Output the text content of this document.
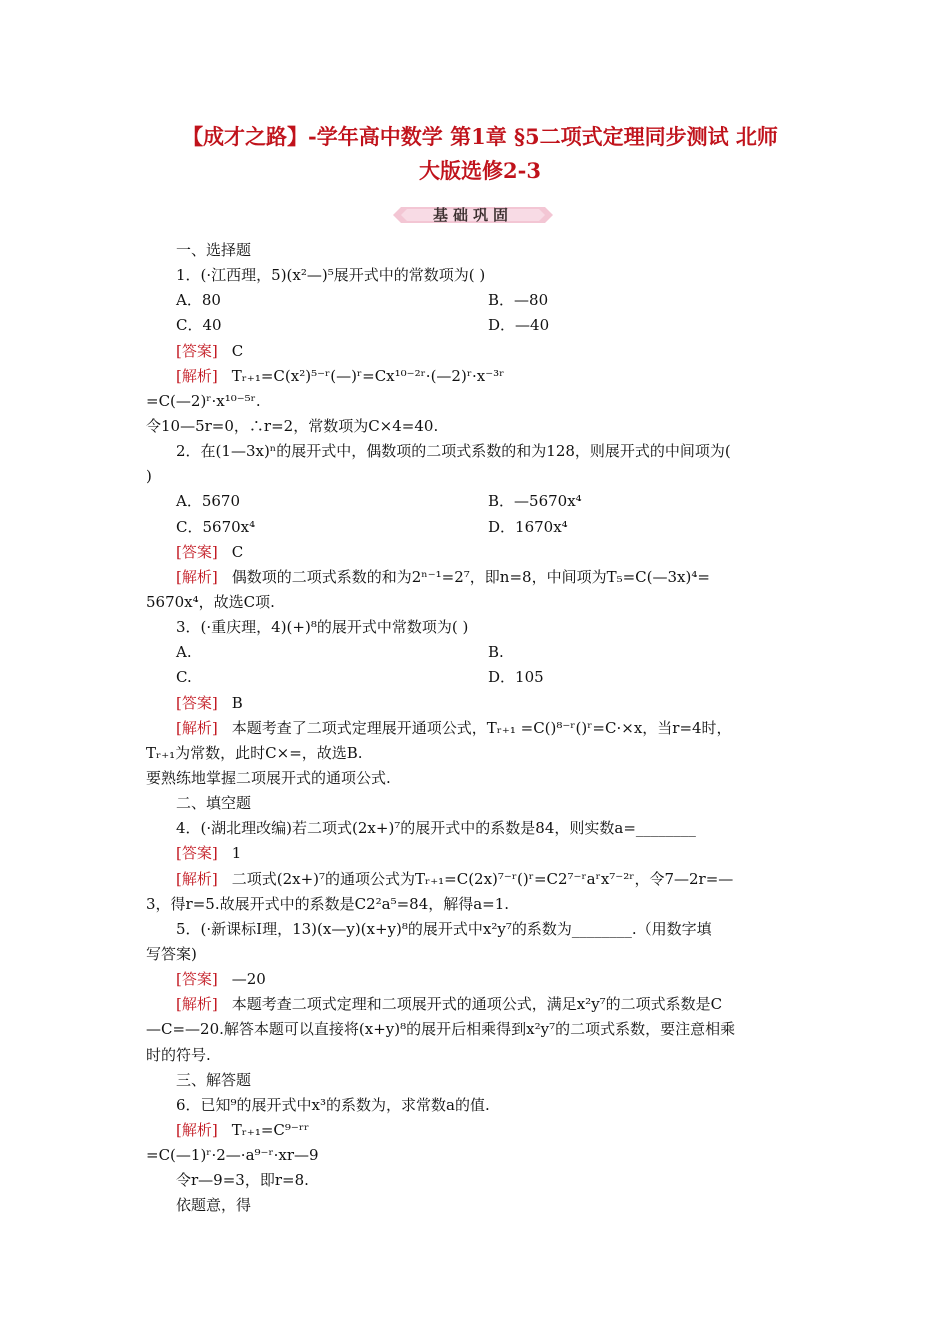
【成才之路】-学年高中数学 第1章 §5二项式定理同步测试 北师
大版选修2-3
基础巩固
一、选择题
1．(·江西理，5)(x²—)⁵展开式中的常数项为( )
A．80	B．—80
C．40	D．—40
[答案] C
[解析] Tᵣ₊₁=C(x²)⁵⁻ʳ(—)ʳ=Cx¹⁰⁻²ʳ·(—2)ʳ·x⁻³ʳ
=C(—2)ʳ·x¹⁰⁻⁵ʳ.
令10—5r=0，∴r=2，常数项为C×4=40.
2．在(1—3x)ⁿ的展开式中，偶数项的二项式系数的和为128，则展开式的中间项为(
)
A．5670	B．—5670x⁴
C．5670x⁴	D．1670x⁴
[答案] C
[解析] 偶数项的二项式系数的和为2ⁿ⁻¹=2⁷，即n=8，中间项为T₅=C(—3x)⁴=
5670x⁴，故选C项.
3．(·重庆理，4)(+)⁸的展开式中常数项为( )
A.	B.
C.	D．105
[答案] B
[解析] 本题考查了二项式定理展开通项公式，Tᵣ₊₁ =C()⁸⁻ʳ()ʳ=C·×x，当r=4时，
Tᵣ₊₁为常数，此时C×=，故选B.
要熟练地掌握二项展开式的通项公式.
二、填空题
4．(·湖北理改编)若二项式(2x+)⁷的展开式中的系数是84，则实数a=________
[答案] 1
[解析] 二项式(2x+)⁷的通项公式为Tᵣ₊₁=C(2x)⁷⁻ʳ()ʳ=C2⁷⁻ʳaʳx⁷⁻²ʳ，令7—2r=—
3，得r=5.故展开式中的系数是C2²a⁵=84，解得a=1.
5．(·新课标Ⅰ理，13)(x—y)(x+y)⁸的展开式中x²y⁷的系数为________.（用数字填
写答案)
[答案] —20
[解析] 本题考查二项式定理和二项展开式的通项公式，满足x²y⁷的二项式系数是C
—C=—20.解答本题可以直接将(x+y)⁸的展开后相乘得到x²y⁷的二项式系数，要注意相乘
时的符号.
三、解答题
6．已知⁹的展开式中x³的系数为，求常数a的值.
[解析] Tᵣ₊₁=C⁹⁻ʳʳ
=C(—1)ʳ·2—·a⁹⁻ʳ·xr—9
令r—9=3，即r=8.
依题意，得
